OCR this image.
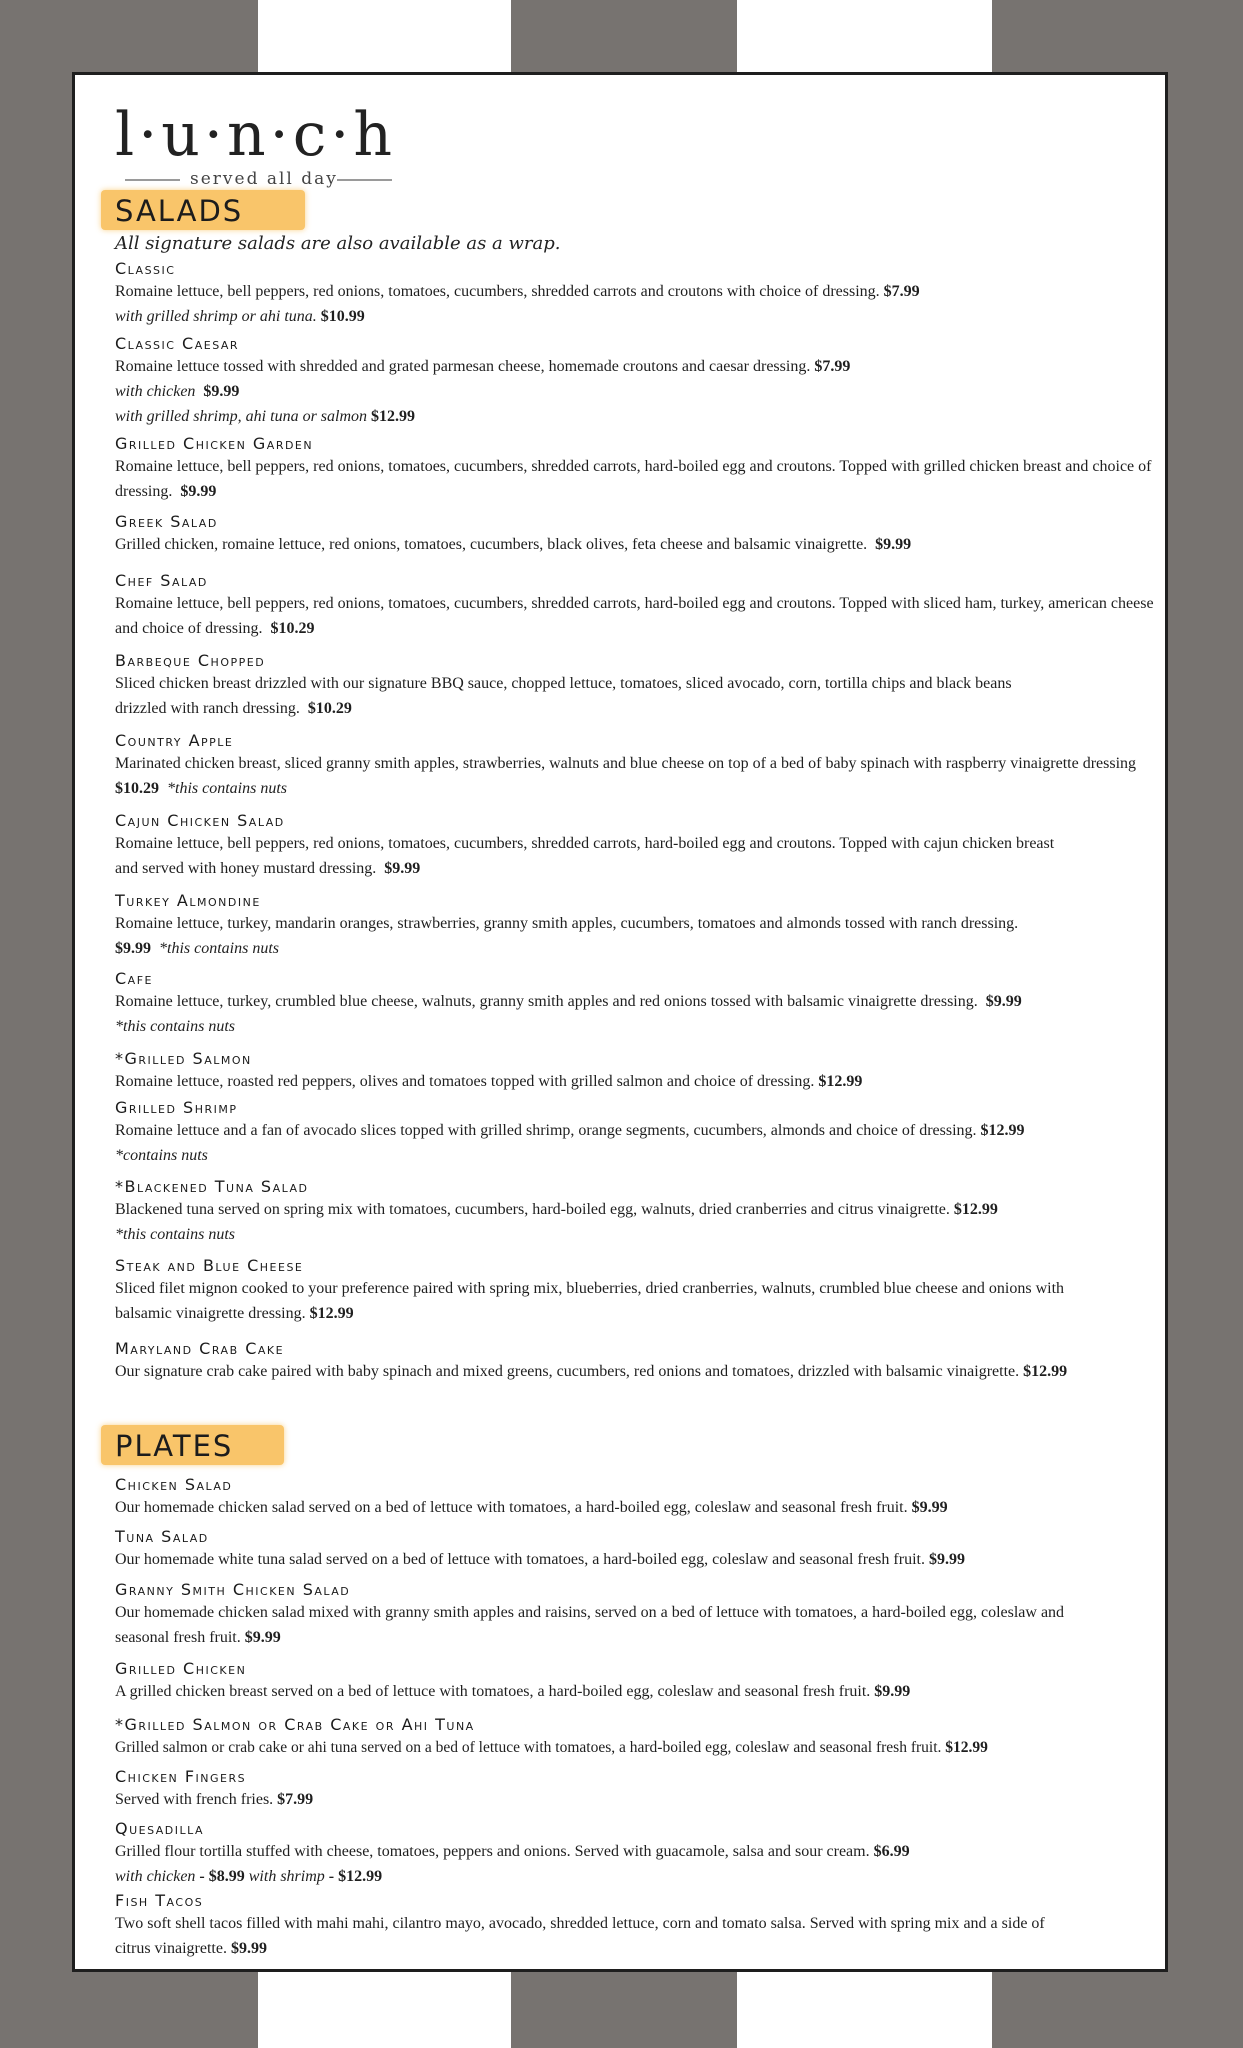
l·u·n·c·h
served all day
SALADS
All signature salads are also available as a wrap.
Classic
Romaine lettuce, bell peppers, red onions, tomatoes, cucumbers, shredded carrots and croutons with choice of dressing. $7.99
with grilled shrimp or ahi tuna. $10.99
Classic Caesar
Romaine lettuce tossed with shredded and grated parmesan cheese, homemade croutons and caesar dressing. $7.99
with chicken $9.99
with grilled shrimp, ahi tuna or salmon $12.99
Grilled Chicken Garden
Romaine lettuce, bell peppers, red onions, tomatoes, cucumbers, shredded carrots, hard-boiled egg and croutons. Topped with grilled chicken breast and choice of dressing. $9.99
Greek Salad
Grilled chicken, romaine lettuce, red onions, tomatoes, cucumbers, black olives, feta cheese and balsamic vinaigrette. $9.99
Chef Salad
Romaine lettuce, bell peppers, red onions, tomatoes, cucumbers, shredded carrots, hard-boiled egg and croutons. Topped with sliced ham, turkey, american cheese and choice of dressing. $10.29
Barbeque Chopped
Sliced chicken breast drizzled with our signature BBQ sauce, chopped lettuce, tomatoes, sliced avocado, corn, tortilla chips and black beans drizzled with ranch dressing. $10.29
Country Apple
Marinated chicken breast, sliced granny smith apples, strawberries, walnuts and blue cheese on top of a bed of baby spinach with raspberry vinaigrette dressing  $10.29 *this contains nuts
Cajun Chicken Salad
Romaine lettuce, bell peppers, red onions, tomatoes, cucumbers, shredded carrots, hard-boiled egg and croutons. Topped with cajun chicken breast and served with honey mustard dressing. $9.99
Turkey Almondine
Romaine lettuce, turkey, mandarin oranges, strawberries, granny smith apples, cucumbers, tomatoes and almonds tossed with ranch dressing.  $9.99 *this contains nuts
Cafe
Romaine lettuce, turkey, crumbled blue cheese, walnuts, granny smith apples and red onions tossed with balsamic vinaigrette dressing. $9.99  *this contains nuts
*Grilled Salmon
Romaine lettuce, roasted red peppers, olives and tomatoes topped with grilled salmon and choice of dressing. $12.99
Grilled Shrimp
Romaine lettuce and a fan of avocado slices topped with grilled shrimp, orange segments, cucumbers, almonds and choice of dressing. $12.99 *contains nuts
*Blackened Tuna Salad
Blackened tuna served on spring mix with tomatoes, cucumbers, hard-boiled egg, walnuts, dried cranberries and citrus vinaigrette. $12.99
*this contains nuts
Steak and Blue Cheese
Sliced filet mignon cooked to your preference paired with spring mix, blueberries, dried cranberries, walnuts, crumbled blue cheese and onions with balsamic vinaigrette dressing. $12.99
Maryland Crab Cake
Our signature crab cake paired with baby spinach and mixed greens, cucumbers, red onions and tomatoes, drizzled with balsamic vinaigrette. $12.99
PLATES
Chicken Salad
Our homemade chicken salad served on a bed of lettuce with tomatoes, a hard-boiled egg, coleslaw and seasonal fresh fruit. $9.99
Tuna Salad
Our homemade white tuna salad served on a bed of lettuce with tomatoes, a hard-boiled egg, coleslaw and seasonal fresh fruit. $9.99
Granny Smith Chicken Salad
Our homemade chicken salad mixed with granny smith apples and raisins, served on a bed of lettuce with tomatoes, a hard-boiled egg, coleslaw and seasonal fresh fruit. $9.99
Grilled Chicken
A grilled chicken breast served on a bed of lettuce with tomatoes, a hard-boiled egg, coleslaw and seasonal fresh fruit. $9.99
*Grilled Salmon or Crab Cake or Ahi Tuna
Grilled salmon or crab cake or ahi tuna served on a bed of lettuce with tomatoes, a hard-boiled egg, coleslaw and seasonal fresh fruit. $12.99
Chicken Fingers
Served with french fries. $7.99
Quesadilla
Grilled flour tortilla stuffed with cheese, tomatoes, peppers and onions. Served with guacamole, salsa and sour cream. $6.99
with chicken - $8.99 with shrimp - $12.99
Fish Tacos
Two soft shell tacos filled with mahi mahi, cilantro mayo, avocado, shredded lettuce, corn and tomato salsa. Served with spring mix and a side of citrus vinaigrette. $9.99
